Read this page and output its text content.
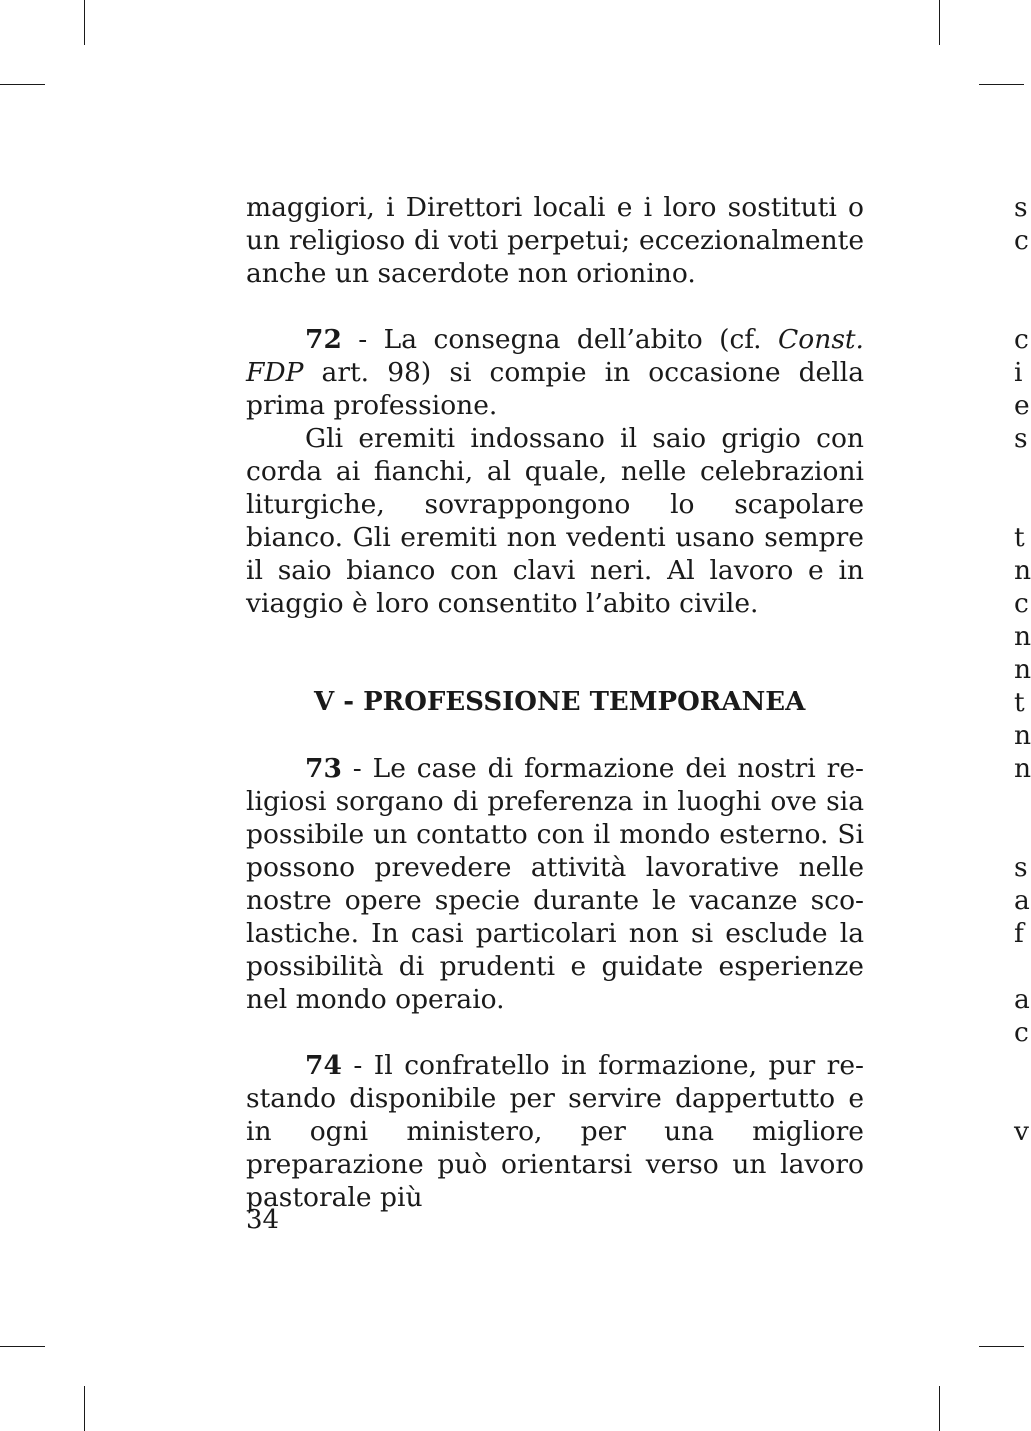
maggiori, i Direttori locali e i loro sostituti o un religioso di voti perpetui; eccezionalmente anche un sacerdote non orionino.

72 - La consegna dell’abito (cf. Const. FDP art. 98) si compie in occasione della prima professione.

Gli eremiti indossano il saio grigio con corda ai fianchi, al quale, nelle celebrazioni liturgiche, sovrappongono lo scapolare bianco. Gli eremiti non vedenti usano sempre il saio bianco con clavi neri. Al lavoro e in viaggio è loro consentito l’abito civile.

V - PROFESSIONE TEMPORANEA

73 - Le case di formazione dei nostri religiosi sorgano di preferenza in luoghi ove sia possibile un contatto con il mondo esterno. Si possono prevedere attività lavorative nelle nostre opere specie durante le vacanze scolastiche. In casi particolari non si esclude la possibilità di prudenti e guidate esperienze nel mondo operaio.

74 - Il confratello in formazione, pur restando disponibile per servire dappertutto e in ogni ministero, per una migliore preparazione può orientarsi verso un lavoro pastorale più

34
s
c
c
i
e
s
t
n
c
n
n
t
n
n
s
a
f
a
c
v
